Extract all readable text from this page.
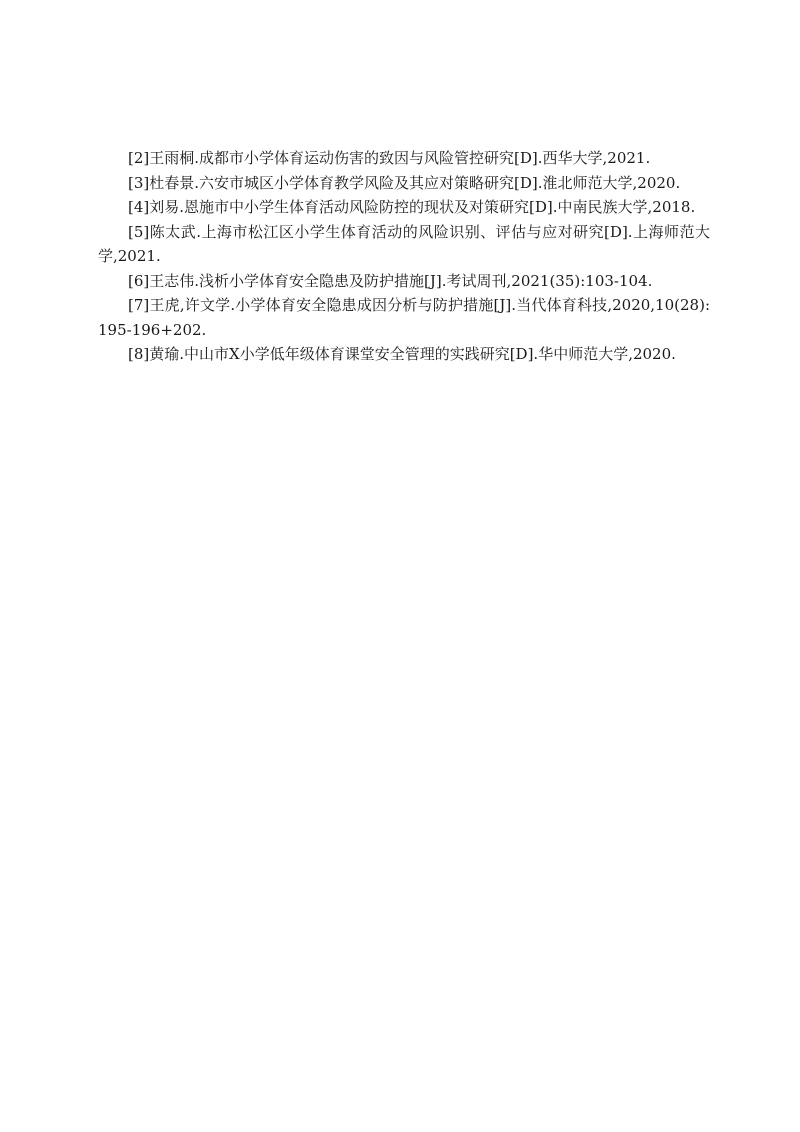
[2]王雨桐.成都市小学体育运动伤害的致因与风险管控研究[D].西华大学,2021.
[3]杜春景.六安市城区小学体育教学风险及其应对策略研究[D].淮北师范大学,2020.
[4]刘易.恩施市中小学生体育活动风险防控的现状及对策研究[D].中南民族大学,2018.
[5]陈太武.上海市松江区小学生体育活动的风险识别、评估与应对研究[D].上海师范大学,2021.
[6]王志伟.浅析小学体育安全隐患及防护措施[J].考试周刊,2021(35):103-104.
[7]王虎,许文学.小学体育安全隐患成因分析与防护措施[J].当代体育科技,2020,10(28):195-196+202.
[8]黄瑜.中山市X小学低年级体育课堂安全管理的实践研究[D].华中师范大学,2020.
